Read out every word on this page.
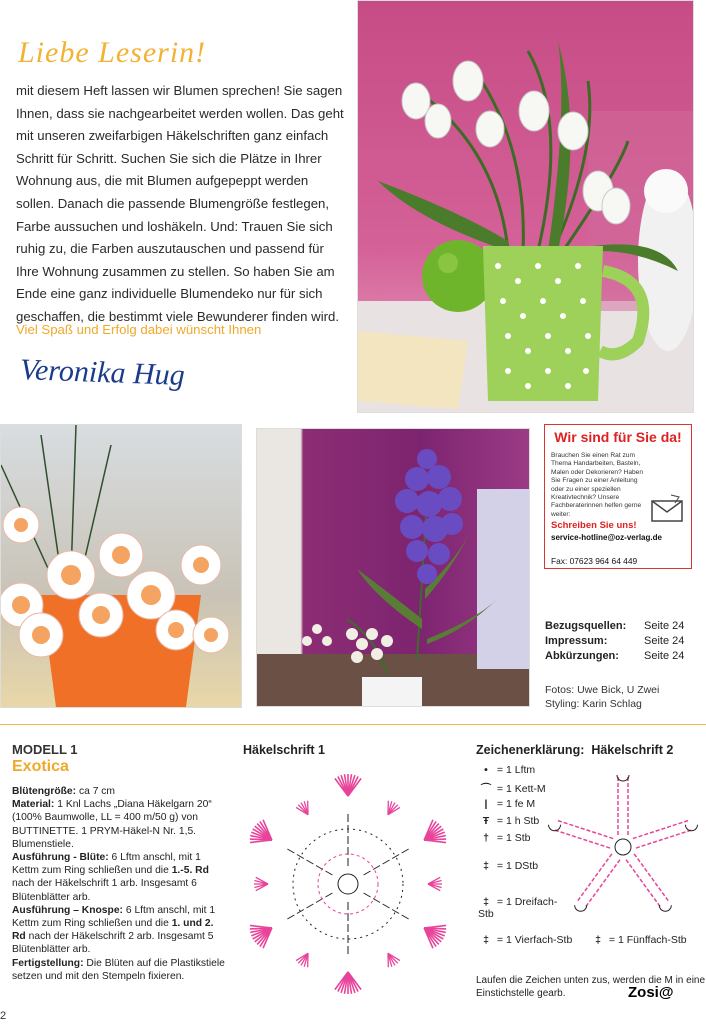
Liebe Leserin!
mit diesem Heft lassen wir Blumen sprechen! Sie sagen Ihnen, dass sie nachgearbeitet werden wollen. Das geht mit unseren zweifarbigen Häkelschriften ganz einfach Schritt für Schritt. Suchen Sie sich die Plätze in Ihrer Wohnung aus, die mit Blumen aufgepeppt werden sollen. Danach die passende Blumengröße festlegen, Farbe aussuchen und loshäkeln. Und: Trauen Sie sich ruhig zu, die Farben auszutauschen und passend für Ihre Wohnung zusammen zu stellen. So haben Sie am Ende eine ganz individuelle Blumendeko nur für sich geschaffen, die bestimmt viele Bewunderer finden wird.
Viel Spaß und Erfolg dabei wünscht Ihnen
Veronika Hug
Wir sind für Sie da!
Brauchen Sie einen Rat zum Thema Handarbeiten, Basteln, Malen oder Dekorieren? Haben Sie Fragen zu einer Anleitung oder zu einer speziellen Kreativtechnik? Unsere Fachberaterinnen helfen gerne weiter:
Schreiben Sie uns!
service-hotline@oz-verlag.de
Fax: 07623 964 64 449
Bezugsquellen: Seite 24
Impressum:	Seite 24
Abkürzungen: Seite 24
Fotos: Uwe Bick, U Zwei
Styling: Karin Schlag
MODELL 1
Exotica
Blütengröße: ca 7 cm
Material: 1 Knl Lachs „Diana Häkelgarn 20“ (100% Baumwolle, LL = 400 m/50 g) von BUTTINETTE. 1 PRYM-Häkel-N Nr. 1,5. Blumenstiele.
Ausführung - Blüte: 6 Lftm anschl, mit 1 Kettm zum Ring schließen und die 1.-5. Rd nach der Häkelschrift 1 arb. Insgesamt 6 Blütenblätter arb.
Ausführung – Knospe: 6 Lftm anschl, mit 1 Kettm zum Ring schließen und die 1. und 2. Rd nach der Häkelschrift 2 arb. Insgesamt 5 Blütenblätter arb.
Fertigstellung: Die Blüten auf die Plastikstiele setzen und mit den Stempeln fixieren.
Häkelschrift 1	Zeichenerklärung: Häkelschrift 2
• = 1 Lftm
⌒ = 1 Kett-M
| = 1 fe M
Ŧ = 1 h Stb
† = 1 Stb
‡ = 1 DStb
‡ = 1 Dreifach-Stb
‡ = 1 Vierfach-Stb	‡ = 1 Fünffach-Stb
Laufen die Zeichen unten zus, werden die M in eine Einstichstelle gearb.	Zosi@
2
